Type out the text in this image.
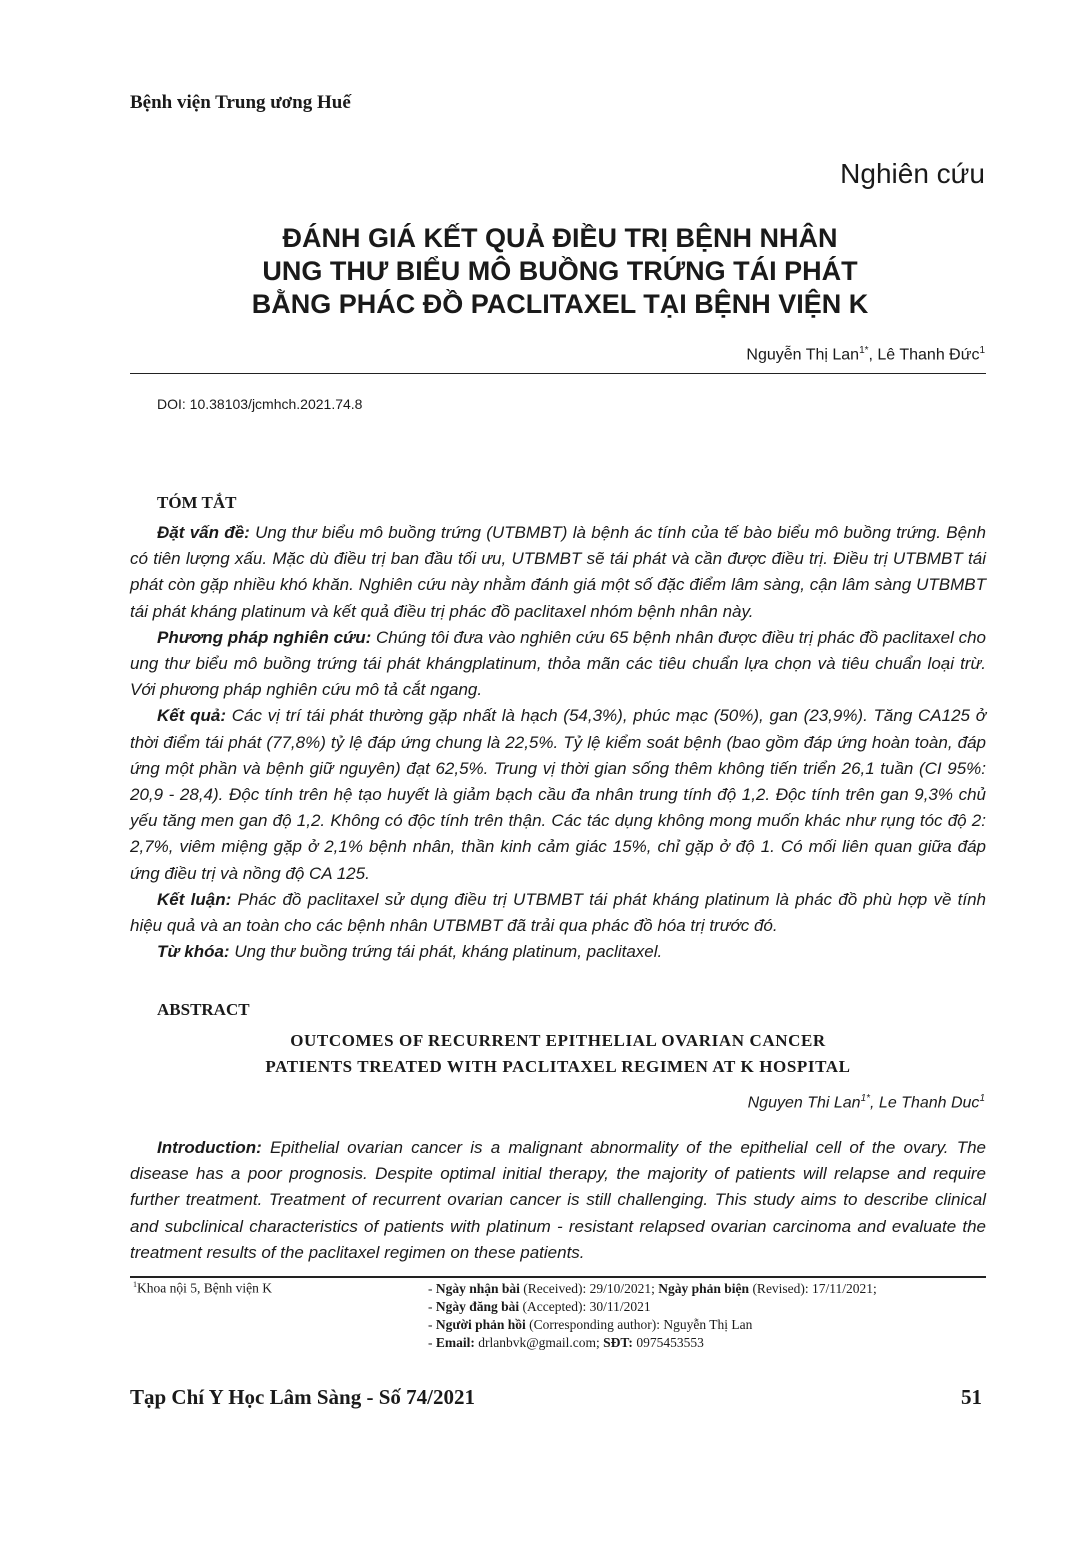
Bệnh viện Trung ương Huế
Nghiên cứu
ĐÁNH GIÁ KẾT QUẢ ĐIỀU TRỊ BỆNH NHÂN
UNG THƯ BIỂU MÔ BUỒNG TRỨNG TÁI PHÁT
BẰNG PHÁC ĐỒ PACLITAXEL TẠI BỆNH VIỆN K
Nguyễn Thị Lan$^{1*}$, Lê Thanh Đức$^1$
DOI: 10.38103/jcmhch.2021.74.8
TÓM TẮT

Đặt vấn đề: Ung thư biểu mô buồng trứng (UTBMBT) là bệnh ác tính của tế bào biểu mô buồng trứng. Bệnh có tiên lượng xấu. Mặc dù điều trị ban đầu tối ưu, UTBMBT sẽ tái phát và cần được điều trị. Điều trị UTBMBT tái phát còn gặp nhiều khó khăn. Nghiên cứu này nhằm đánh giá một số đặc điểm lâm sàng, cận lâm sàng UTBMBT tái phát kháng platinum và kết quả điều trị phác đồ paclitaxel nhóm bệnh nhân này.

Phương pháp nghiên cứu: Chúng tôi đưa vào nghiên cứu 65 bệnh nhân được điều trị phác đồ paclitaxel cho ung thư biểu mô buồng trứng tái phát khángplatinum, thỏa mãn các tiêu chuẩn lựa chọn và tiêu chuẩn loại trừ. Với phương pháp nghiên cứu mô tả cắt ngang.

Kết quả: Các vị trí tái phát thường gặp nhất là hạch (54,3%), phúc mạc (50%), gan (23,9%). Tăng CA125 ở thời điểm tái phát (77,8%) tỷ lệ đáp ứng chung là 22,5%. Tỷ lệ kiểm soát bệnh (bao gồm đáp ứng hoàn toàn, đáp ứng một phần và bệnh giữ nguyên) đạt 62,5%. Trung vị thời gian sống thêm không tiến triển 26,1 tuần (CI 95%: 20,9 - 28,4). Độc tính trên hệ tạo huyết là giảm bạch cầu đa nhân trung tính độ 1,2. Độc tính trên gan 9,3% chủ yếu tăng men gan độ 1,2. Không có độc tính trên thận. Các tác dụng không mong muốn khác như rụng tóc độ 2: 2,7%, viêm miệng gặp ở 2,1% bệnh nhân, thần kinh cảm giác 15%, chỉ gặp ở độ 1. Có mối liên quan giữa đáp ứng điều trị và nồng độ CA 125.

Kết luận: Phác đồ paclitaxel sử dụng điều trị UTBMBT tái phát kháng platinum là phác đồ phù hợp về tính hiệu quả và an toàn cho các bệnh nhân UTBMBT đã trải qua phác đồ hóa trị trước đó.

Từ khóa: Ung thư buồng trứng tái phát, kháng platinum, paclitaxel.

ABSTRACT
OUTCOMES OF RECURRENT EPITHELIAL OVARIAN CANCER
PATIENTS TREATED WITH PACLITAXEL REGIMEN AT K HOSPITAL
Nguyen Thi Lan$^{1*}$, Le Thanh Duc$^1$

Introduction: Epithelial ovarian cancer is a malignant abnormality of the epithelial cell of the ovary. The disease has a poor prognosis. Despite optimal initial therapy, the majority of patients will relapse and require further treatment. Treatment of recurrent ovarian cancer is still challenging. This study aims to describe clinical and subclinical characteristics of patients with platinum - resistant relapsed ovarian carcinoma and evaluate the treatment results of the paclitaxel regimen on these patients.

$^1$Khoa nội 5, Bệnh viện K	- Ngày nhận bài (Received): 29/10/2021; Ngày phản biện (Revised): 17/11/2021;
- Ngày đăng bài (Accepted): 30/11/2021
- Người phản hồi (Corresponding author): Nguyễn Thị Lan
- Email: drlanbvk@gmail.com; SĐT: 0975453553
Tạp Chí Y Học Lâm Sàng - Số 74/2021	51
